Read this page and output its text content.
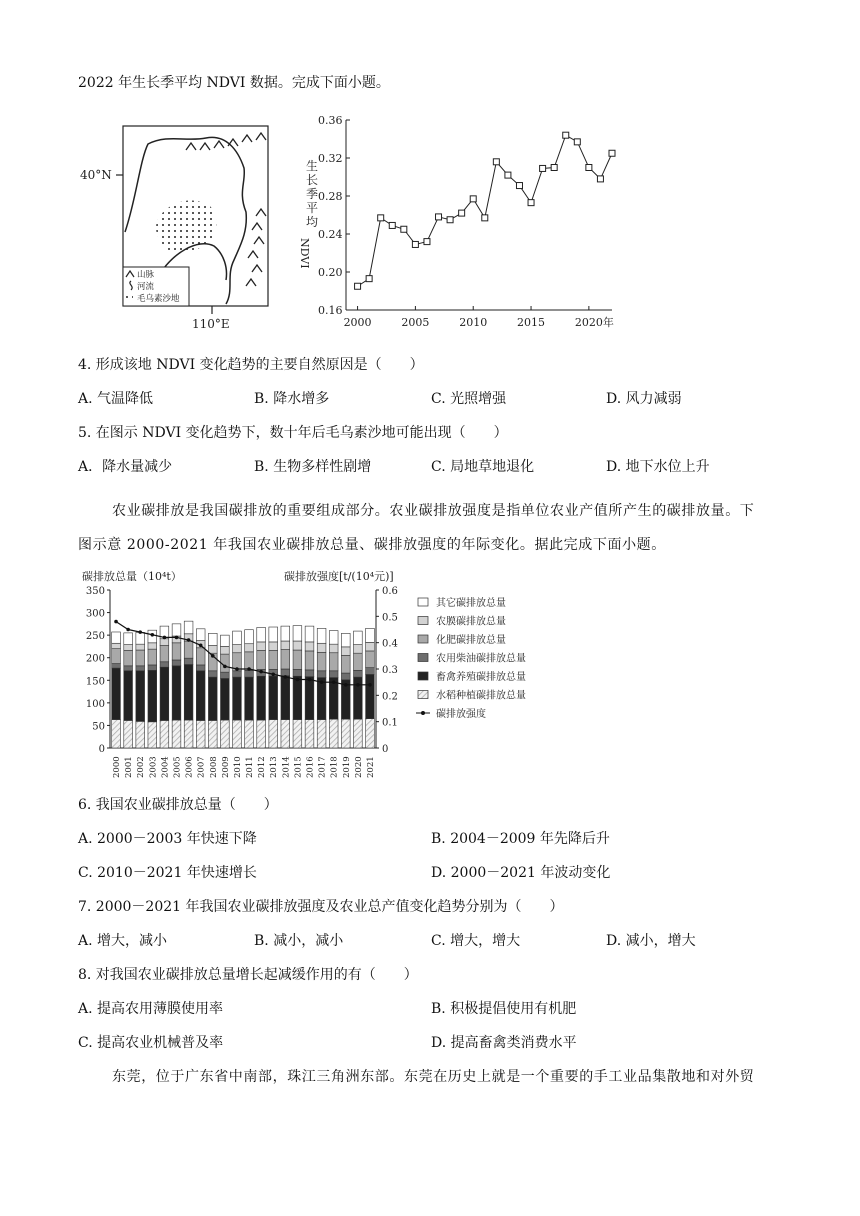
2022 年生长季平均 NDVI 数据。完成下面小题。
40°N
110°E
山脉
河流
毛乌素沙地
0.36
0.32
0.28
0.24
0.20
0.16
2000	2005	2010	2015	2020年
生
长
季
平
均
NDVI
4. 形成该地 NDVI 变化趋势的主要自然原因是（　　）
A. 气温降低	B. 降水增多	C. 光照增强	D. 风力减弱
5. 在图示 NDVI 变化趋势下，数十年后毛乌素沙地可能出现（　　）
A．降水量减少	B. 生物多样性剧增	C. 局地草地退化	D. 地下水位上升
农业碳排放是我国碳排放的重要组成部分。农业碳排放强度是指单位农业产值所产生的碳排放量。下
图示意 2000-2021 年我国农业碳排放总量、碳排放强度的年际变化。据此完成下面小题。
碳排放总量（10⁴t）	碳排放强度[t/(10⁴元)]
350
300
250
200
150
100
50
0
0.6
0.5
0.4
0.3
0.2
0.1
0
2000 2001 2002 2003 2004 2005 2006 2007 2008 2009 2010 2011 2012 2013 2014 2015 2016 2017 2018 2019 2020 2021
其它碳排放总量
农膜碳排放总量
化肥碳排放总量
农用柴油碳排放总量
畜禽养殖碳排放总量
水稻种植碳排放总量
碳排放强度
6. 我国农业碳排放总量（　　）
A. 2000－2003 年快速下降	B. 2004－2009 年先降后升
C. 2010－2021 年快速增长	D. 2000－2021 年波动变化
7. 2000－2021 年我国农业碳排放强度及农业总产值变化趋势分别为（　　）
A. 增大，减小	B. 减小，减小	C. 增大，增大	D. 减小，增大
8. 对我国农业碳排放总量增长起减缓作用的有（　　）
A. 提高农用薄膜使用率	B. 积极提倡使用有机肥
C. 提高农业机械普及率	D. 提高畜禽类消费水平
东莞，位于广东省中南部，珠江三角洲东部。东莞在历史上就是一个重要的手工业品集散地和对外贸
